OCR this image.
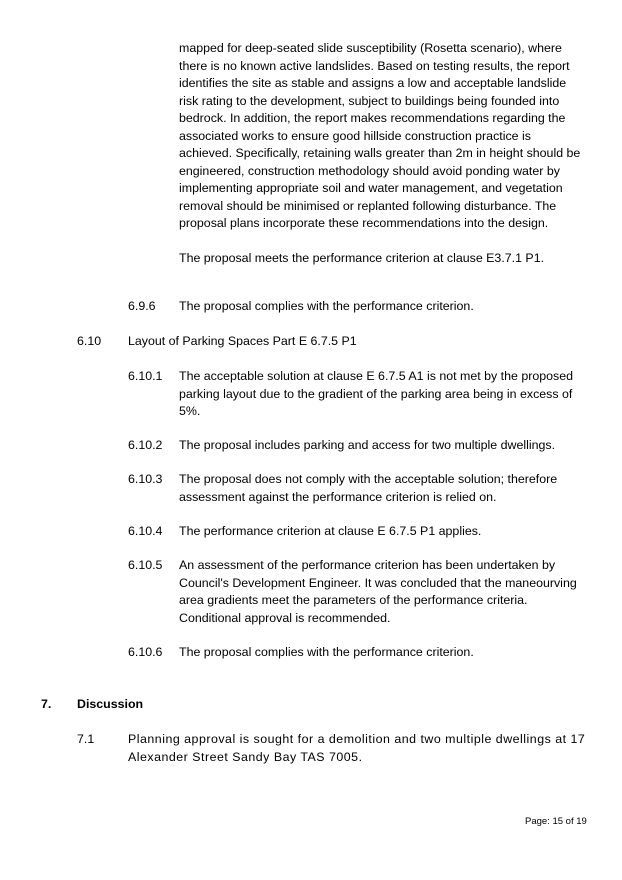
mapped for deep-seated slide susceptibility (Rosetta scenario), where
there is no known active landslides. Based on testing results, the report
identifies the site as stable and assigns a low and acceptable landslide
risk rating to the development, subject to buildings being founded into
bedrock. In addition, the report makes recommendations regarding the
associated works to ensure good hillside construction practice is
achieved. Specifically, retaining walls greater than 2m in height should be
engineered, construction methodology should avoid ponding water by
implementing appropriate soil and water management, and vegetation
removal should be minimised or replanted following disturbance. The
proposal plans incorporate these recommendations into the design.

The proposal meets the performance criterion at clause E3.7.1 P1.

6.9.6 The proposal complies with the performance criterion.
6.10 Layout of Parking Spaces Part E 6.7.5 P1
6.10.1 The acceptable solution at clause E 6.7.5 A1 is not met by the proposed
parking layout due to the gradient of the parking area being in excess of
5%.
6.10.2 The proposal includes parking and access for two multiple dwellings.
6.10.3 The proposal does not comply with the acceptable solution; therefore
assessment against the performance criterion is relied on.
6.10.4 The performance criterion at clause E 6.7.5 P1 applies.
6.10.5 An assessment of the performance criterion has been undertaken by
Council's Development Engineer. It was concluded that the maneourving
area gradients meet the parameters of the performance criteria.
Conditional approval is recommended.
6.10.6 The proposal complies with the performance criterion.
7. Discussion
7.1	Planning approval is sought for a demolition and two multiple dwellings at 17
Alexander Street Sandy Bay TAS 7005.
Page: 15 of 19
